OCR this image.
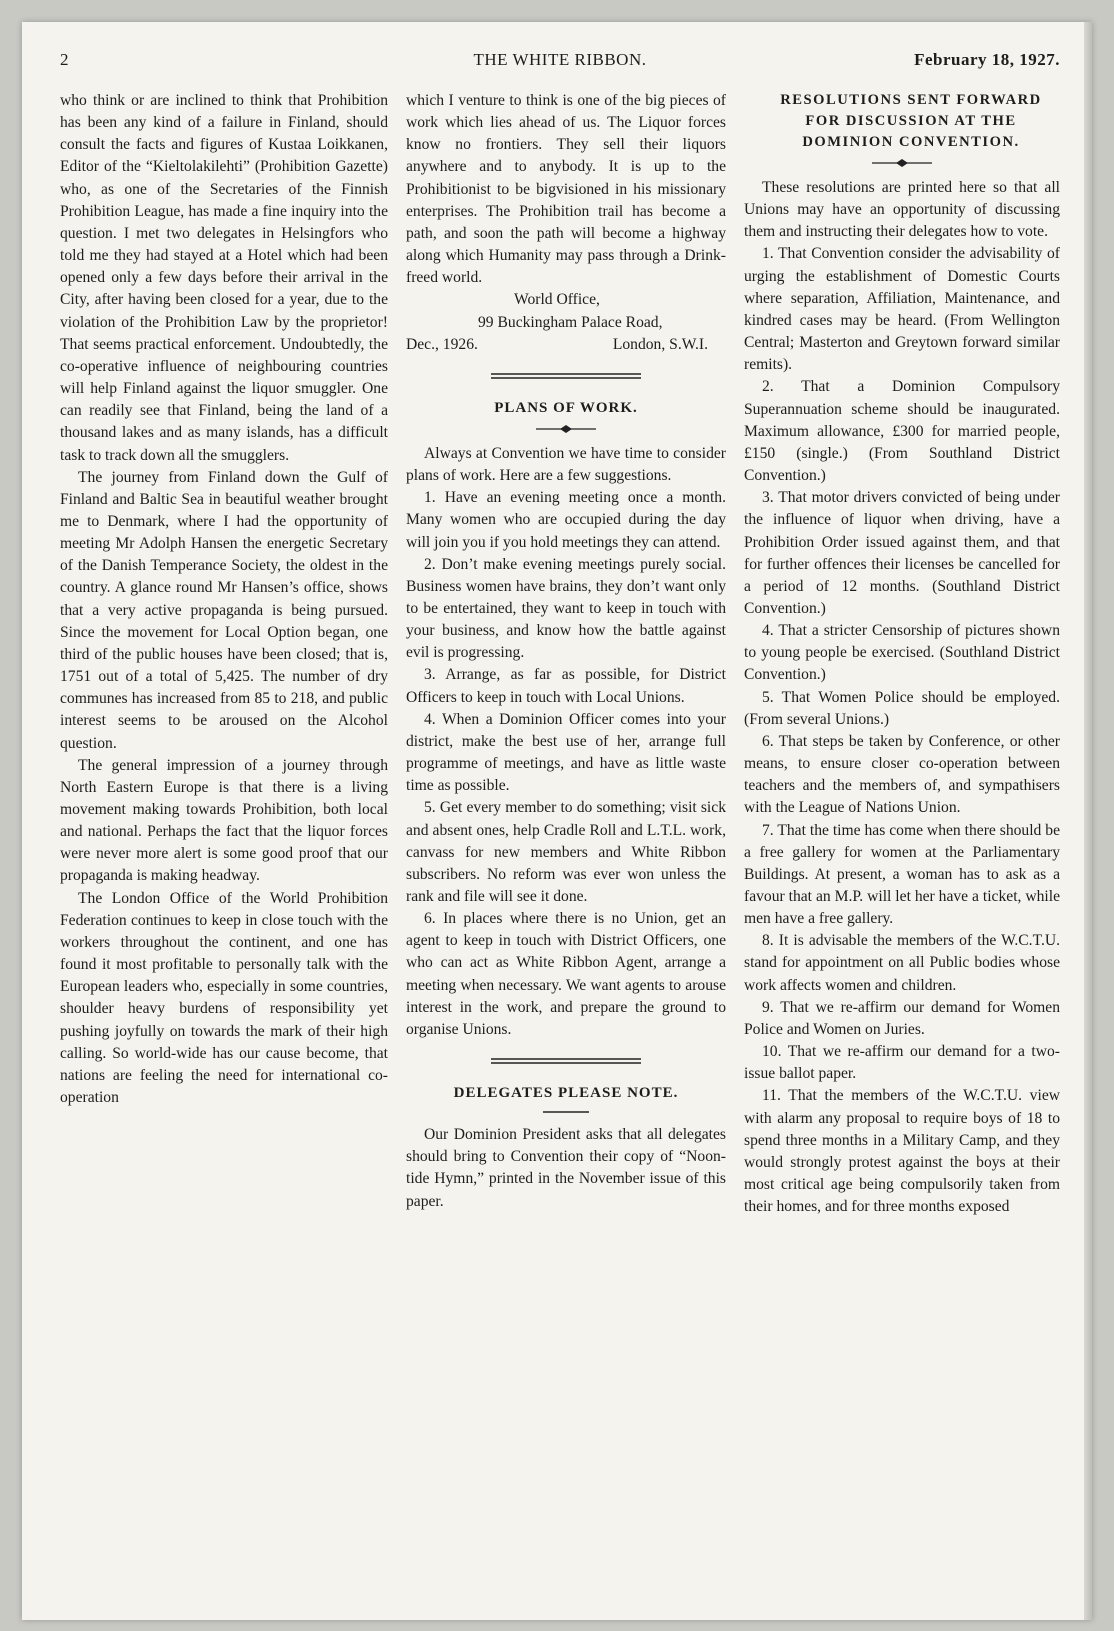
2	THE WHITE RIBBON.	February 18, 1927.

who think or are inclined to think that Prohibition has been any kind of a failure in Finland, should consult the facts and figures of Kustaa Loikkanen, Editor of the “Kieltolakilehti” (Prohibition Gazette) who, as one of the Secretaries of the Finnish Prohibition League, has made a fine inquiry into the question. I met two delegates in Helsingfors who told me they had stayed at a Hotel which had been opened only a few days before their arrival in the City, after having been closed for a year, due to the violation of the Prohibition Law by the proprietor! That seems practical enforcement. Undoubtedly, the co-operative influence of neighbouring countries will help Finland against the liquor smuggler. One can readily see that Finland, being the land of a thousand lakes and as many islands, has a difficult task to track down all the smugglers.

The journey from Finland down the Gulf of Finland and Baltic Sea in beautiful weather brought me to Denmark, where I had the opportunity of meeting Mr Adolph Hansen the energetic Secretary of the Danish Temperance Society, the oldest in the country. A glance round Mr Hansen’s office, shows that a very active propaganda is being pursued. Since the movement for Local Option began, one third of the public houses have been closed; that is, 1751 out of a total of 5,425. The number of dry communes has increased from 85 to 218, and public interest seems to be aroused on the Alcohol question.

The general impression of a journey through North Eastern Europe is that there is a living movement making towards Prohibition, both local and national. Perhaps the fact that the liquor forces were never more alert is some good proof that our propaganda is making headway.

The London Office of the World Prohibition Federation continues to keep in close touch with the workers throughout the continent, and one has found it most profitable to personally talk with the European leaders who, especially in some countries, shoulder heavy burdens of responsibility yet pushing joyfully on towards the mark of their high calling. So world-wide has our cause become, that nations are feeling the need for international co-operation

which I venture to think is one of the big pieces of work which lies ahead of us. The Liquor forces know no frontiers. They sell their liquors anywhere and to anybody. It is up to the Prohibitionist to be bigvisioned in his missionary enterprises. The Prohibition trail has become a path, and soon the path will become a highway along which Humanity may pass through a Drink-freed world.

World Office,
99 Buckingham Palace Road,
Dec., 1926.	London, S.W.I.
PLANS OF WORK.

Always at Convention we have time to consider plans of work. Here are a few suggestions.

1. Have an evening meeting once a month. Many women who are occupied during the day will join you if you hold meetings they can attend.

2. Don’t make evening meetings purely social. Business women have brains, they don’t want only to be entertained, they want to keep in touch with your business, and know how the battle against evil is progressing.

3. Arrange, as far as possible, for District Officers to keep in touch with Local Unions.

4. When a Dominion Officer comes into your district, make the best use of her, arrange full programme of meetings, and have as little waste time as possible.

5. Get every member to do something; visit sick and absent ones, help Cradle Roll and L.T.L. work, canvass for new members and White Ribbon subscribers. No reform was ever won unless the rank and file will see it done.

6. In places where there is no Union, get an agent to keep in touch with District Officers, one who can act as White Ribbon Agent, arrange a meeting when necessary. We want agents to arouse interest in the work, and prepare the ground to organise Unions.

DELEGATES PLEASE NOTE.

Our Dominion President asks that all delegates should bring to Convention their copy of “Noon-tide Hymn,” printed in the November issue of this paper.

RESOLUTIONS SENT FORWARD

FOR DISCUSSION AT THE

DOMINION CONVENTION.

These resolutions are printed here so that all Unions may have an opportunity of discussing them and instructing their delegates how to vote.

1. That Convention consider the advisability of urging the establishment of Domestic Courts where separation, Affiliation, Maintenance, and kindred cases may be heard. (From Wellington Central; Masterton and Greytown forward similar remits).

2. That a Dominion Compulsory Superannuation scheme should be inaugurated. Maximum allowance, £300 for married people, £150 (single.) (From Southland District Convention.)

3. That motor drivers convicted of being under the influence of liquor when driving, have a Prohibition Order issued against them, and that for further offences their licenses be cancelled for a period of 12 months. (Southland District Convention.)

4. That a stricter Censorship of pictures shown to young people be exercised. (Southland District Convention.)

5. That Women Police should be employed. (From several Unions.)

6. That steps be taken by Conference, or other means, to ensure closer co-operation between teachers and the members of, and sympathisers with the League of Nations Union.

7. That the time has come when there should be a free gallery for women at the Parliamentary Buildings. At present, a woman has to ask as a favour that an M.P. will let her have a ticket, while men have a free gallery.

8. It is advisable the members of the W.C.T.U. stand for appointment on all Public bodies whose work affects women and children.

9. That we re-affirm our demand for Women Police and Women on Juries.

10. That we re-affirm our demand for a two-issue ballot paper.

11. That the members of the W.C.T.U. view with alarm any proposal to require boys of 18 to spend three months in a Military Camp, and they would strongly protest against the boys at their most critical age being compulsorily taken from their homes, and for three months exposed
